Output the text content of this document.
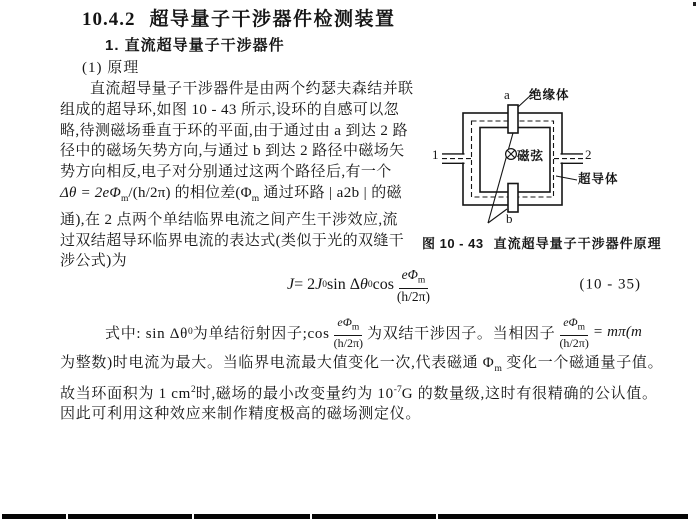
10.4.2 超导量子干涉器件检测装置
1. 直流超导量子干涉器件
(1) 原理
直流超导量子干涉器件是由两个约瑟夫森结并联
组成的超导环,如图 10 - 43 所示,设环的自感可以忽
略,待测磁场垂直于环的平面,由于通过由 a 到达 2 路
径中的磁场矢势方向,与通过 b 到达 2 路径中磁场矢
势方向相反,电子对分别通过这两个路径后,有一个
$\Delta\theta = 2e\Phi_m/(h/2\pi)$ 的相位差($\Phi_m$ 通过环路 | a2b | 的磁
通),在 2 点两个单结临界电流之间产生干涉效应,流
过双结超导环临界电流的表达式(类似于光的双缝干
涉公式)为
J = 2 J 0 sin Δ θ 0 $\cos \frac{e\Phi_m}{(h/2\pi)}$	(10 - 35)
式中: sin Δθ 0 为单结衍射因子;cos $\frac{e\Phi_m}{(h/2\pi)}$ 为双结干涉因子。当相因子 $\frac{e\Phi_m}{(h/2\pi)} = m\pi(m$
为整数)时电流为最大。当临界电流最大值变化一次,代表磁通 $\Phi_m$ 变化一个磁通量子值。
故当环面积为 1 $cm^2$时,磁场的最小改变量约为 $10^{-7}G$ 的数量级,这时有很精确的公认值。
因此可利用这种效应来制作精度极高的磁场测定仪。
a 绝缘体
1	2
磁弦
超导体
b
图 10 - 43 直流超导量子干涉器件原理
